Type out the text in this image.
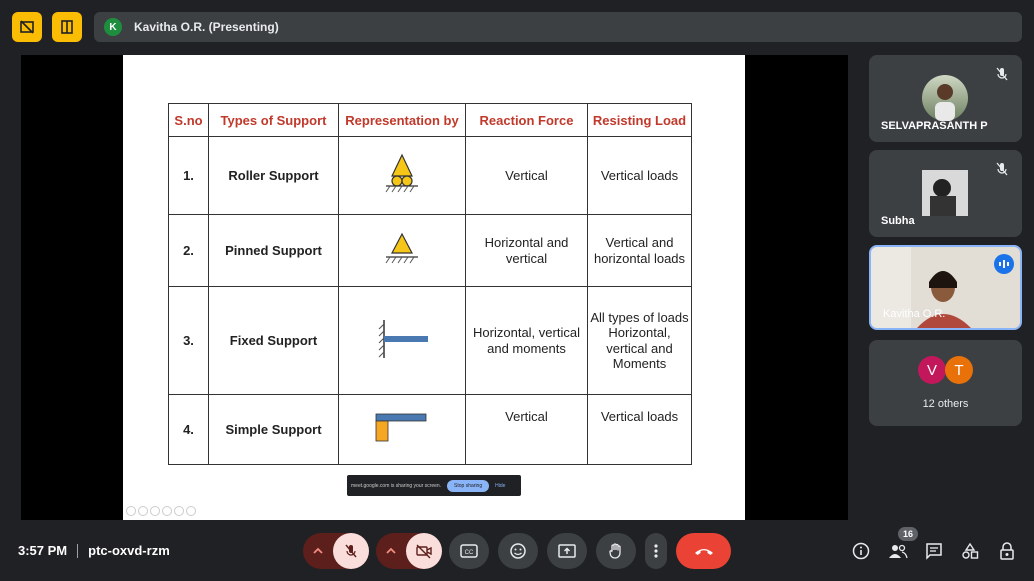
K	Kavitha O.R. (Presenting)
S.no	Types of Support	Representation by	Reaction Force	Resisting Load
1.	Roller Support		Vertical	Vertical loads
2.	Pinned Support		Horizontal and vertical	Vertical and horizontal loads
3.	Fixed Support		Horizontal, vertical and moments	All types of loads Horizontal, vertical and Moments
4.	Simple Support		Vertical	Vertical loads
meet.google.com is sharing your screen.	Stop sharing	Hide
SELVAPRASANTH P
Subha
Kavitha O.R.
V	T
12 others
3:57 PM ptc-oxvd-rzm	CC
16
